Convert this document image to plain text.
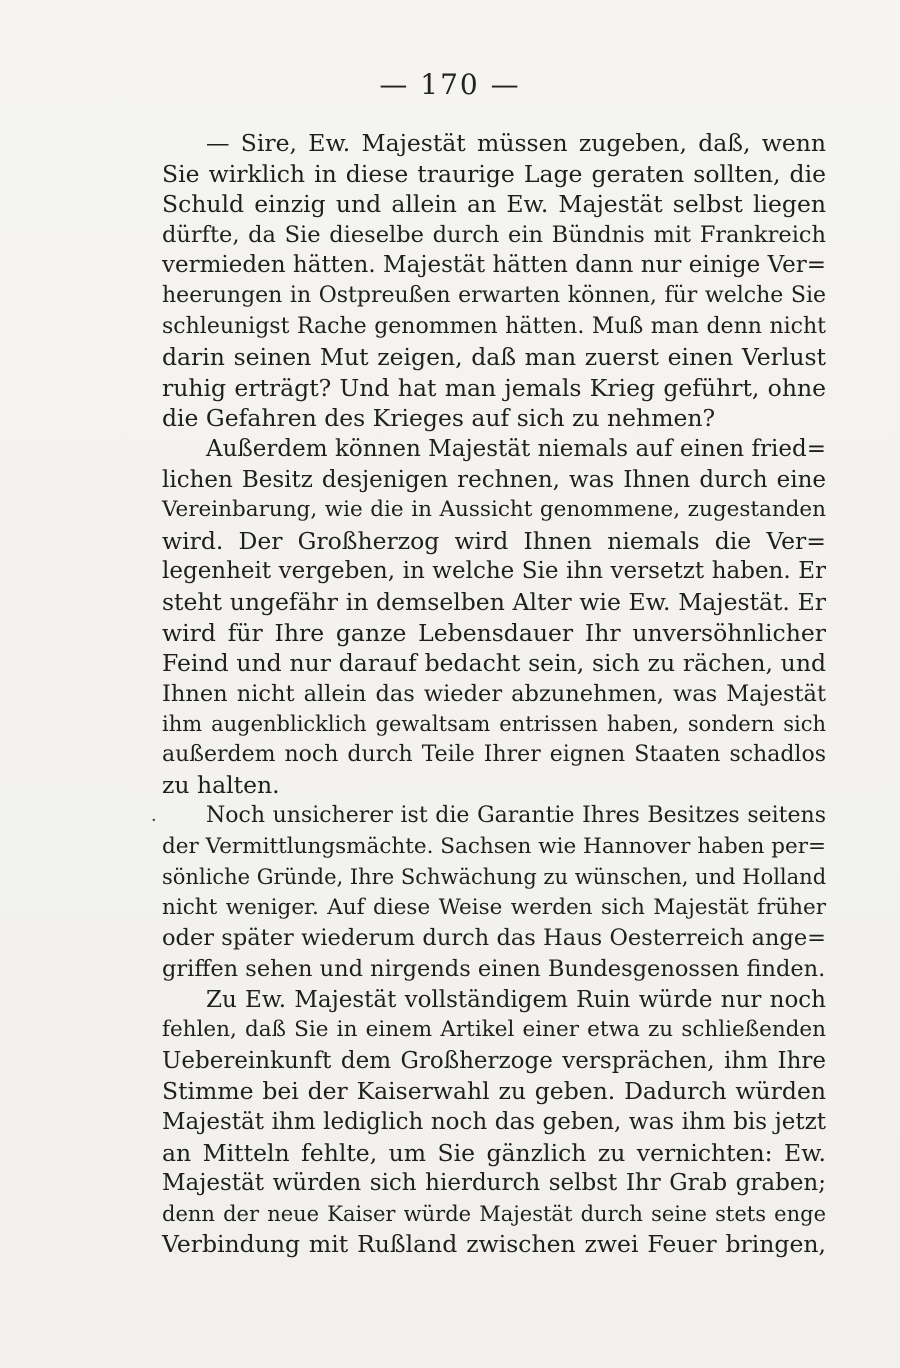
— 170 —
·
— Sire, Ew. Majestät müssen zugeben, daß, wenn
Sie wirklich in diese traurige Lage geraten sollten, die
Schuld einzig und allein an Ew. Majestät selbst liegen
dürfte, da Sie dieselbe durch ein Bündnis mit Frankreich
vermieden hätten. Majestät hätten dann nur einige Ver=
heerungen in Ostpreußen erwarten können, für welche Sie
schleunigst Rache genommen hätten. Muß man denn nicht
darin seinen Mut zeigen, daß man zuerst einen Verlust
ruhig erträgt? Und hat man jemals Krieg geführt, ohne
die Gefahren des Krieges auf sich zu nehmen?
Außerdem können Majestät niemals auf einen fried=
lichen Besitz desjenigen rechnen, was Ihnen durch eine
Vereinbarung, wie die in Aussicht genommene, zugestanden
wird. Der Großherzog wird Ihnen niemals die Ver=
legenheit vergeben, in welche Sie ihn versetzt haben. Er
steht ungefähr in demselben Alter wie Ew. Majestät. Er
wird für Ihre ganze Lebensdauer Ihr unversöhnlicher
Feind und nur darauf bedacht sein, sich zu rächen, und
Ihnen nicht allein das wieder abzunehmen, was Majestät
ihm augenblicklich gewaltsam entrissen haben, sondern sich
außerdem noch durch Teile Ihrer eignen Staaten schadlos
zu halten.
Noch unsicherer ist die Garantie Ihres Besitzes seitens
der Vermittlungsmächte. Sachsen wie Hannover haben per=
sönliche Gründe, Ihre Schwächung zu wünschen, und Holland
nicht weniger. Auf diese Weise werden sich Majestät früher
oder später wiederum durch das Haus Oesterreich ange=
griffen sehen und nirgends einen Bundesgenossen finden.
Zu Ew. Majestät vollständigem Ruin würde nur noch
fehlen, daß Sie in einem Artikel einer etwa zu schließenden
Uebereinkunft dem Großherzoge versprächen, ihm Ihre
Stimme bei der Kaiserwahl zu geben. Dadurch würden
Majestät ihm lediglich noch das geben, was ihm bis jetzt
an Mitteln fehlte, um Sie gänzlich zu vernichten: Ew.
Majestät würden sich hierdurch selbst Ihr Grab graben;
denn der neue Kaiser würde Majestät durch seine stets enge
Verbindung mit Rußland zwischen zwei Feuer bringen,
